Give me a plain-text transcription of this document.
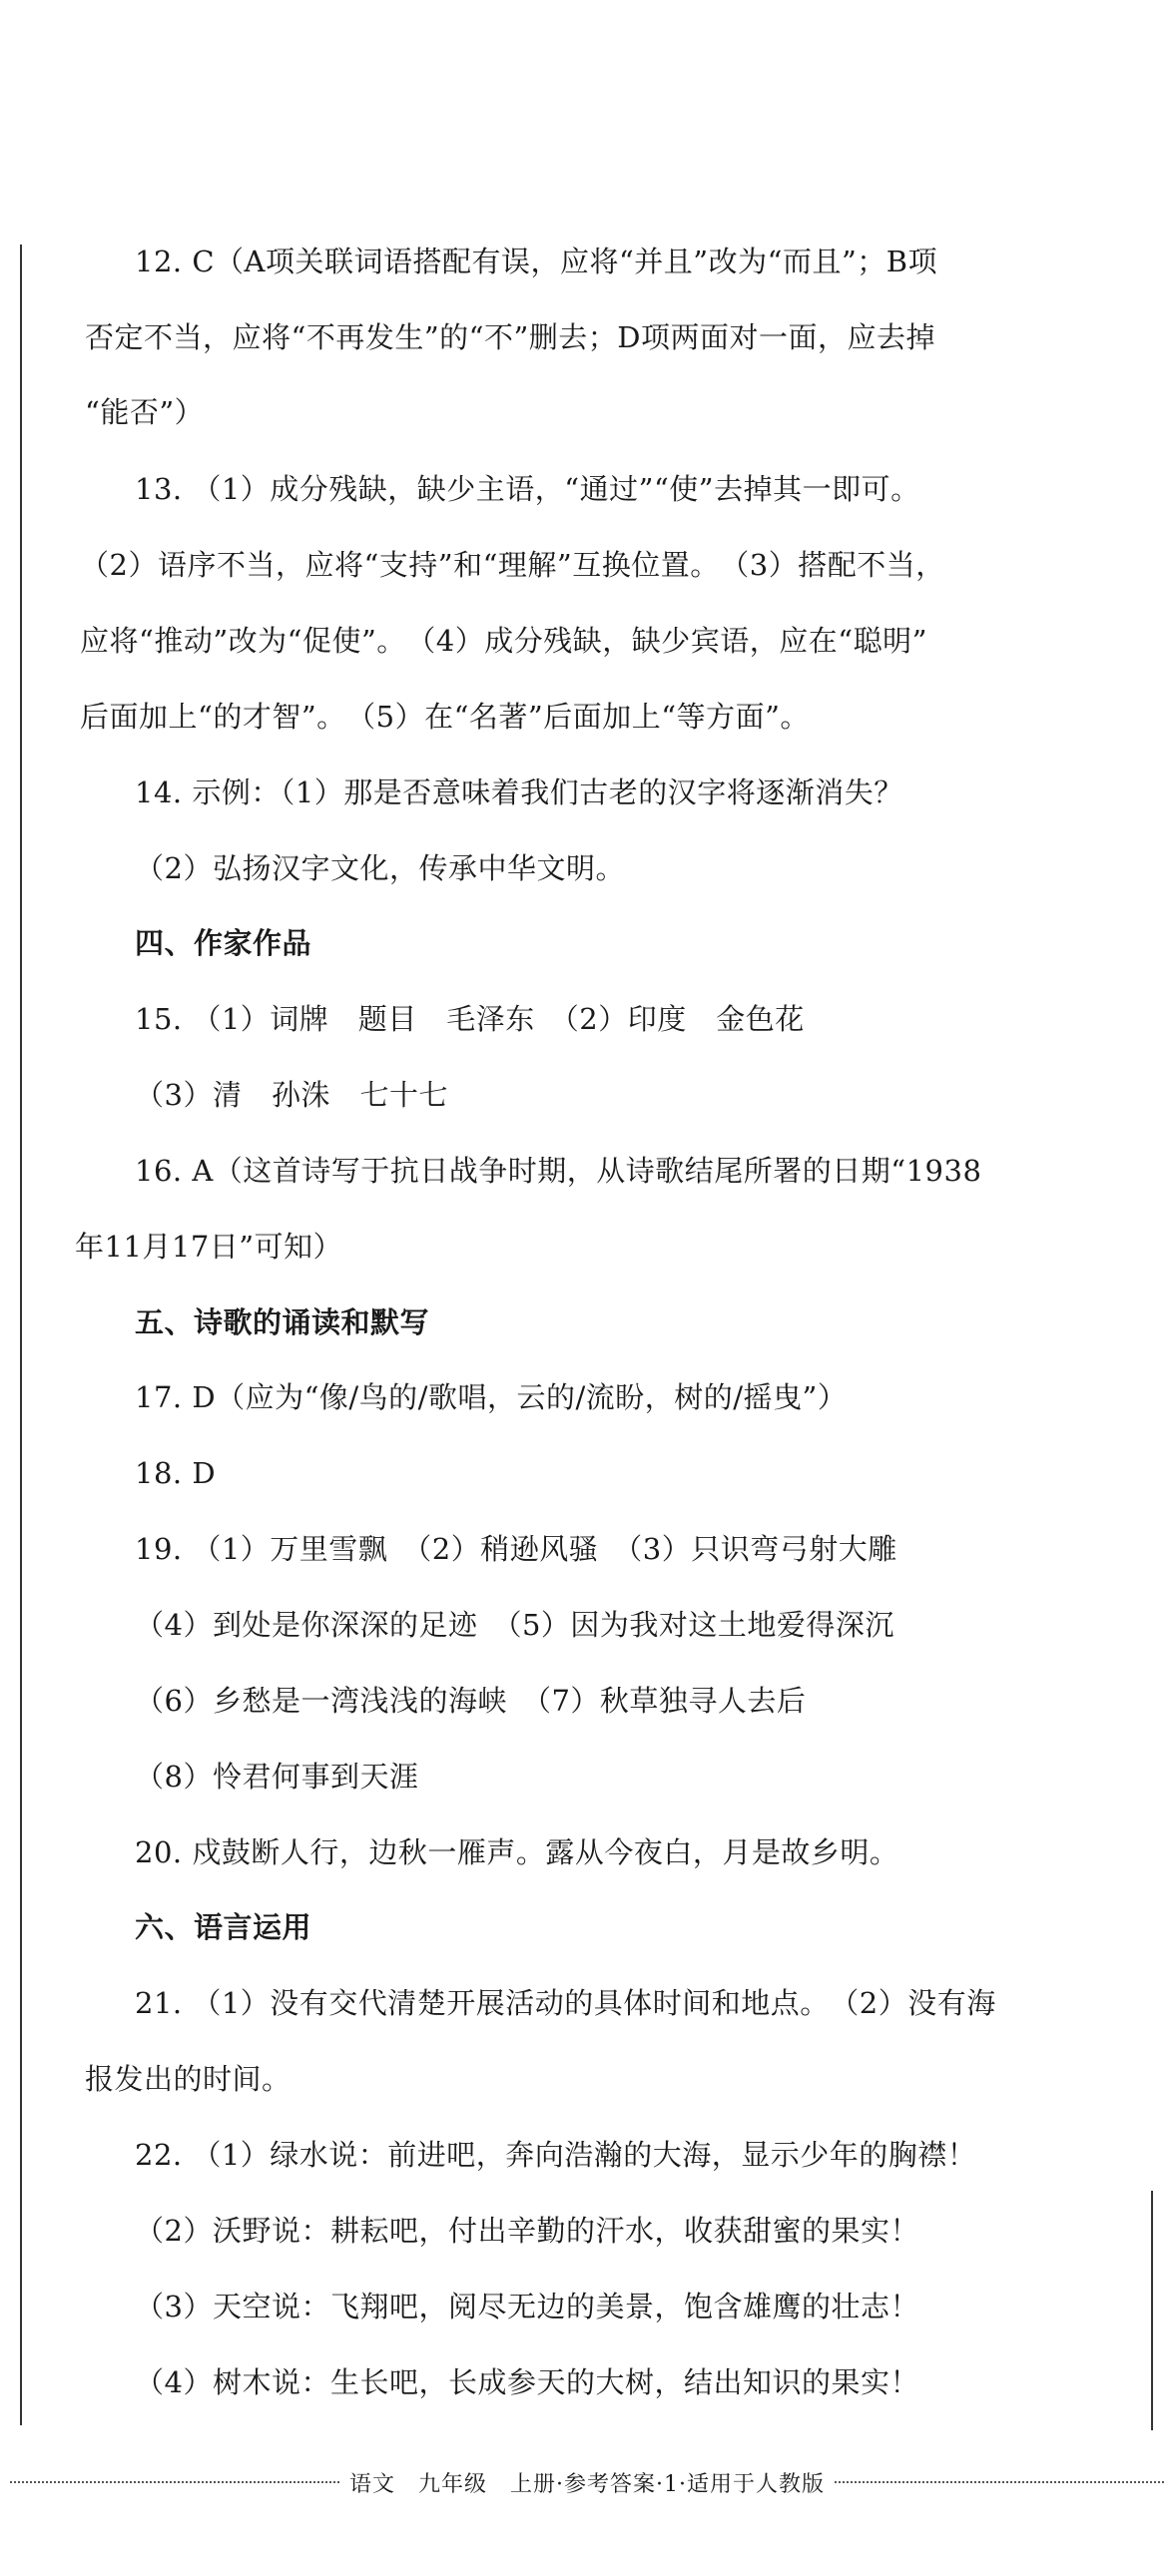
12. C（A项关联词语搭配有误，应将“并且”改为“而且”；B项
否定不当，应将“不再发生”的“不”删去；D项两面对一面，应去掉
“能否”）
13. （1）成分残缺，缺少主语，“通过”“使”去掉其一即可。
（2）语序不当，应将“支持”和“理解”互换位置。　（3）搭配不当，
应将“推动”改为“促使”。　（4）成分残缺，缺少宾语，应在“聪明”
后面加上“的才智”。　（5）在“名著”后面加上“等方面”。
14. 示例：（1）那是否意味着我们古老的汉字将逐渐消失？
（2）弘扬汉字文化，传承中华文明。
四、作家作品
15. （1）词牌　题目　毛泽东　（2）印度　金色花
（3）清　孙洙　七十七
16. A（这首诗写于抗日战争时期，从诗歌结尾所署的日期“1938
年11月17日”可知）
五、诗歌的诵读和默写
17. D（应为“像/鸟的/歌唱，云的/流盼，树的/摇曳”）
18. D
19. （1）万里雪飘　（2）稍逊风骚　（3）只识弯弓射大雕
（4）到处是你深深的足迹　（5）因为我对这土地爱得深沉
（6）乡愁是一湾浅浅的海峡　（7）秋草独寻人去后
（8）怜君何事到天涯
20. 戍鼓断人行，边秋一雁声。露从今夜白，月是故乡明。
六、语言运用
21. （1）没有交代清楚开展活动的具体时间和地点。　（2）没有海
报发出的时间。
22. （1）绿水说：前进吧，奔向浩瀚的大海，显示少年的胸襟！
（2）沃野说：耕耘吧，付出辛勤的汗水，收获甜蜜的果实！
（3）天空说：飞翔吧，阅尽无边的美景，饱含雄鹰的壮志！
（4）树木说：生长吧，长成参天的大树，结出知识的果实！
语文　九年级　上册·参考答案·1·适用于人教版
